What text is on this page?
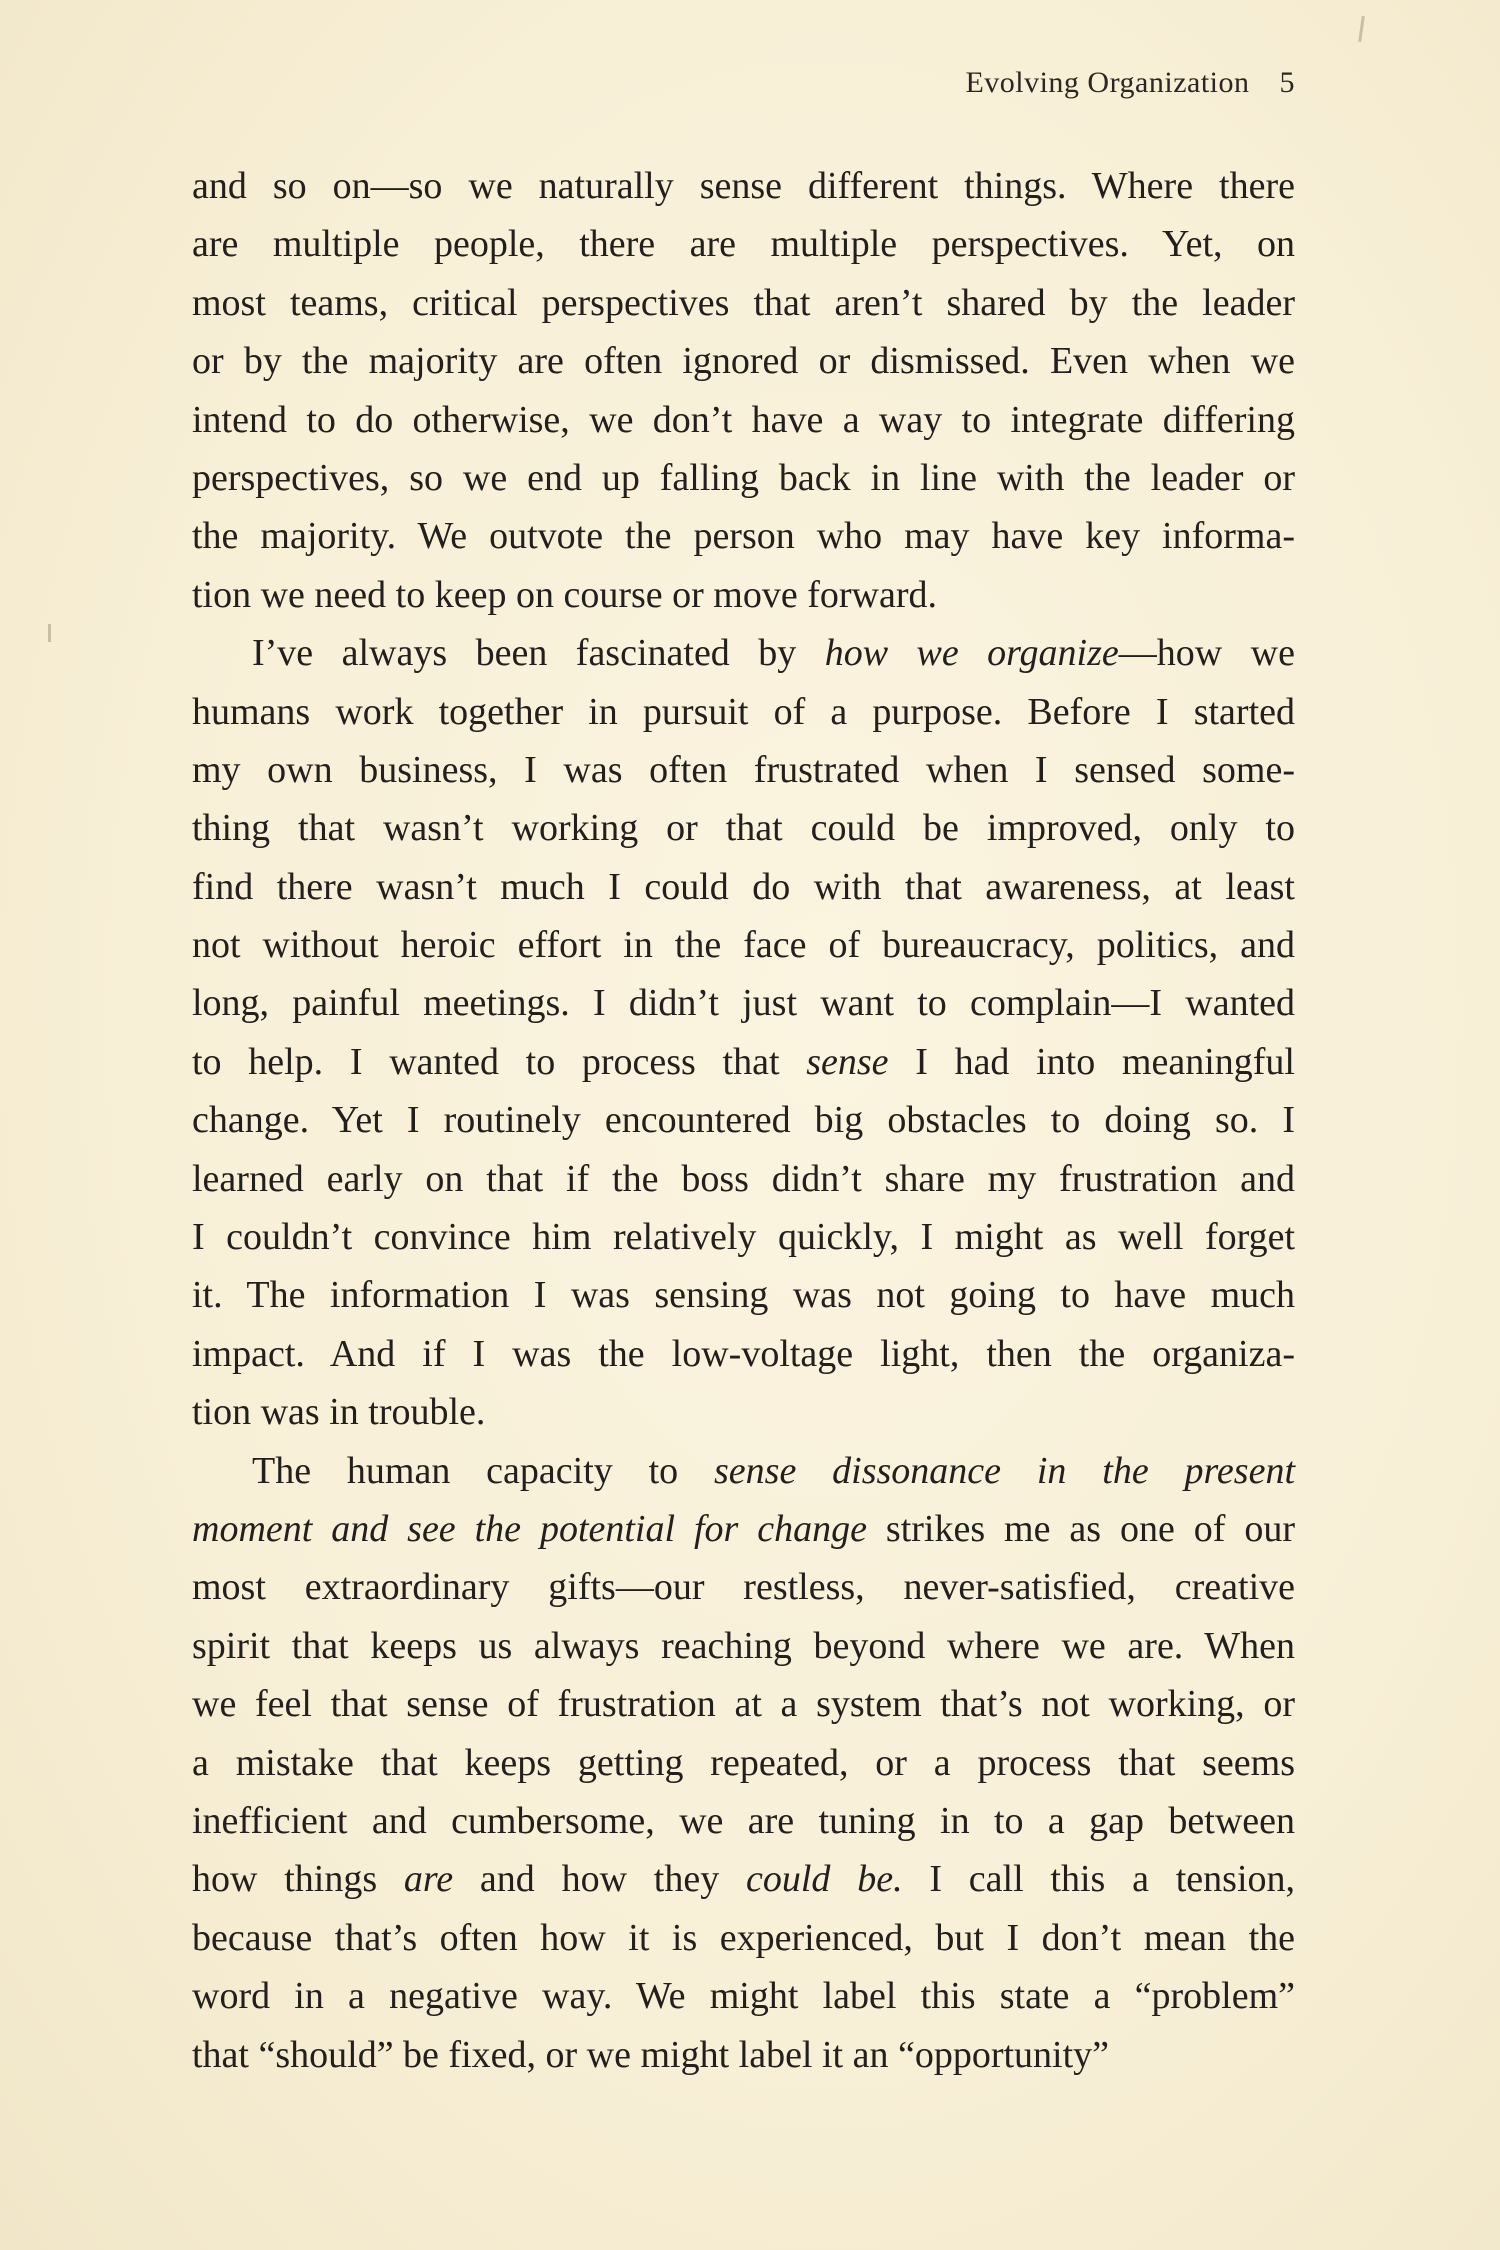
Evolving Organization 5
and so on—so we naturally sense different things. Where there
are multiple people, there are multiple perspectives. Yet, on
most teams, critical perspectives that aren’t shared by the leader
or by the majority are often ignored or dismissed. Even when we
intend to do otherwise, we don’t have a way to integrate differing
perspectives, so we end up falling back in line with the leader or
the majority. We outvote the person who may have key informa-
tion we need to keep on course or move forward.
I’ve always been fascinated by how we organize—how we
humans work together in pursuit of a purpose. Before I started
my own business, I was often frustrated when I sensed some-
thing that wasn’t working or that could be improved, only to
find there wasn’t much I could do with that awareness, at least
not without heroic effort in the face of bureaucracy, politics, and
long, painful meetings. I didn’t just want to complain—I wanted
to help. I wanted to process that sense I had into meaningful
change. Yet I routinely encountered big obstacles to doing so. I
learned early on that if the boss didn’t share my frustration and
I couldn’t convince him relatively quickly, I might as well forget
it. The information I was sensing was not going to have much
impact. And if I was the low-voltage light, then the organiza-
tion was in trouble.
The human capacity to sense dissonance in the present
moment and see the potential for change strikes me as one of our
most extraordinary gifts—our restless, never-satisfied, creative
spirit that keeps us always reaching beyond where we are. When
we feel that sense of frustration at a system that’s not working, or
a mistake that keeps getting repeated, or a process that seems
inefficient and cumbersome, we are tuning in to a gap between
how things are and how they could be. I call this a tension,
because that’s often how it is experienced, but I don’t mean the
word in a negative way. We might label this state a “problem”
that “should” be fixed, or we might label it an “opportunity”
